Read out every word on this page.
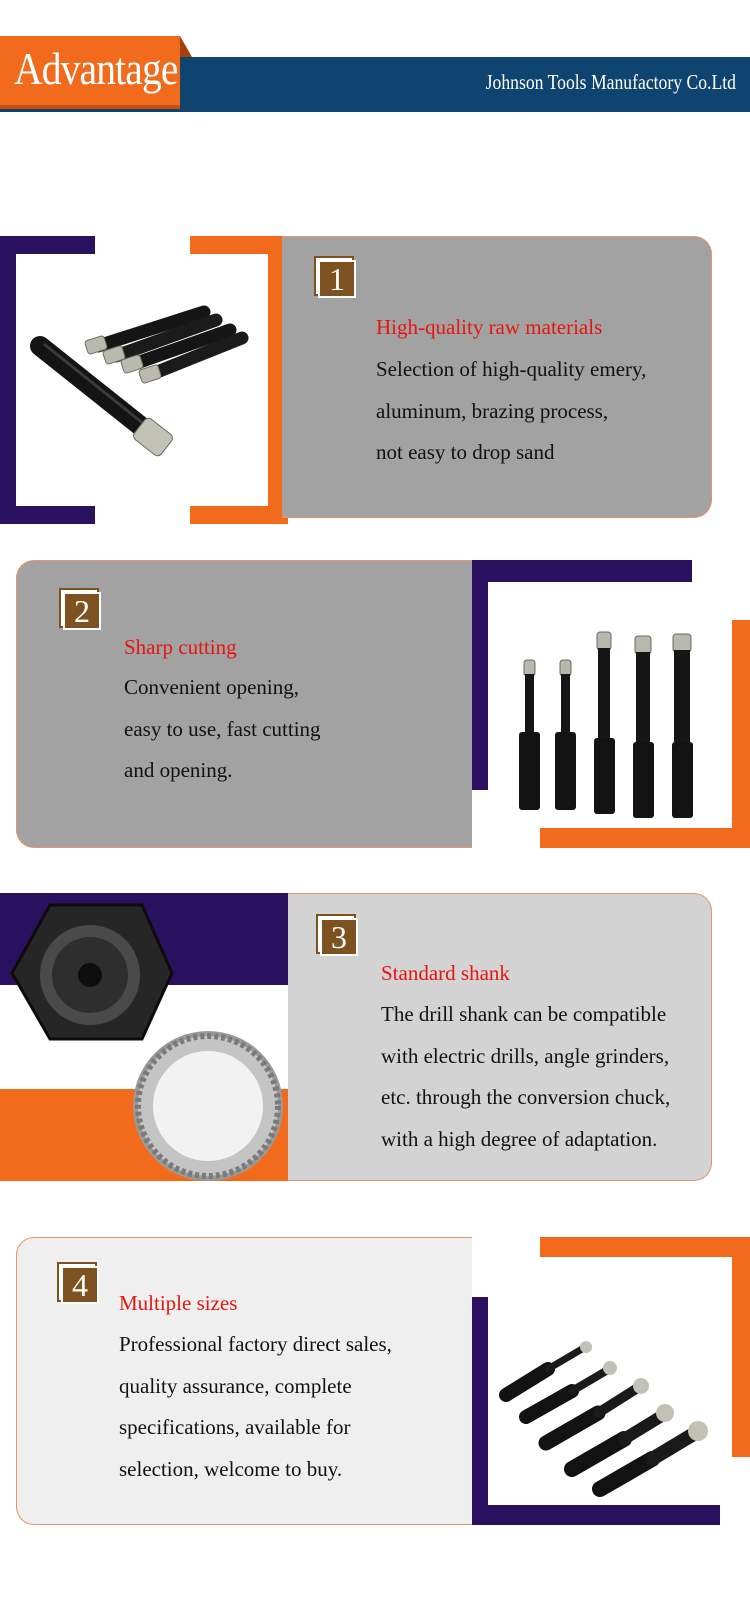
Advantage	Johnson Tools Manufactory Co.Ltd
1
High-quality raw materials
Selection of high-quality emery,
aluminum, brazing process,
not easy to drop sand
2
Sharp cutting
Convenient opening,
easy to use, fast cutting
and opening.
3
Standard shank
The drill shank can be compatible
with electric drills, angle grinders,
etc. through the conversion chuck,
with a high degree of adaptation.
4	Multiple sizes
Professional factory direct sales,
quality assurance, complete
specifications, available for
selection, welcome to buy.
